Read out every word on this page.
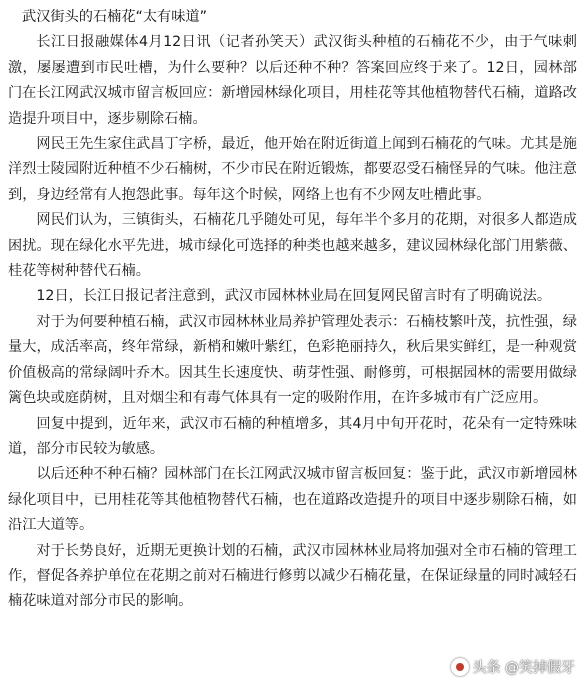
武汉街头的石楠花“太有味道”

长江日报融媒体4月12日讯（记者孙笑天）武汉街头种植的石楠花不少，由于气味刺激，屡屡遭到市民吐槽，为什么要种？以后还种不种？答案回应终于来了。12日，园林部门在长江网武汉城市留言板回应：新增园林绿化项目，用桂花等其他植物替代石楠，道路改造提升项目中，逐步剔除石楠。

网民王先生家住武昌丁字桥，最近，他开始在附近街道上闻到石楠花的气味。尤其是施洋烈士陵园附近种植不少石楠树，不少市民在附近锻炼，都要忍受石楠怪异的气味。他注意到，身边经常有人抱怨此事。每年这个时候，网络上也有不少网友吐槽此事。

网民们认为，三镇街头，石楠花几乎随处可见，每年半个多月的花期，对很多人都造成困扰。现在绿化水平先进，城市绿化可选择的种类也越来越多，建议园林绿化部门用紫薇、桂花等树种替代石楠。

12日，长江日报记者注意到，武汉市园林林业局在回复网民留言时有了明确说法。

对于为何要种植石楠，武汉市园林林业局养护管理处表示：石楠枝繁叶茂，抗性强，绿量大，成活率高，终年常绿，新梢和嫩叶紫红，色彩艳丽持久，秋后果实鲜红，是一种观赏价值极高的常绿阔叶乔木。因其生长速度快、萌芽性强、耐修剪，可根据园林的需要用做绿篱色块或庭荫树，且对烟尘和有毒气体具有一定的吸附作用，在许多城市有广泛应用。

回复中提到，近年来，武汉市石楠的种植增多，其4月中旬开花时，花朵有一定特殊味道，部分市民较为敏感。

以后还种不种石楠？园林部门在长江网武汉城市留言板回复：鉴于此，武汉市新增园林绿化项目中，已用桂花等其他植物替代石楠，也在道路改造提升的项目中逐步剔除石楠，如沿江大道等。

对于长势良好，近期无更换计划的石楠，武汉市园林林业局将加强对全市石楠的管理工作，督促各养护单位在花期之前对石楠进行修剪以减少石楠花量，在保证绿量的同时减轻石楠花味道对部分市民的影响。

头条 @笑掉假牙
